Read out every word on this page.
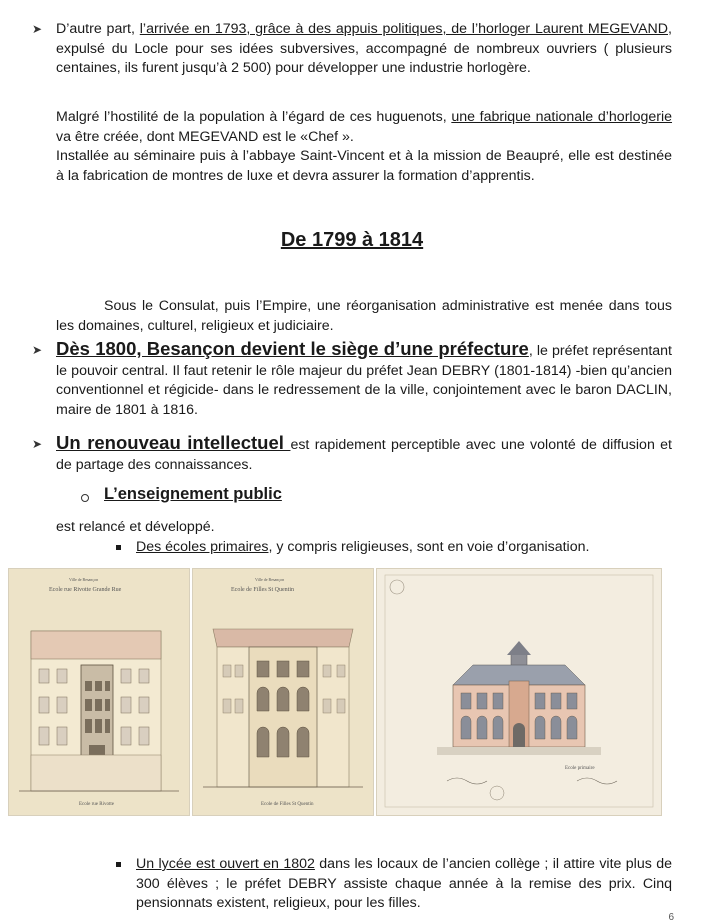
➤ D’autre part, l’arrivée en 1793, grâce à des appuis politiques, de l’horloger Laurent MEGEVAND, expulsé du Locle pour ses idées subversives, accompagné de nombreux ouvriers ( plusieurs centaines, ils furent jusqu’à 2 500) pour développer une industrie horlogère.
Malgré l’hostilité de la population à l’égard de ces huguenots, une fabrique nationale d’horlogerie va être créée, dont MEGEVAND est le «Chef ».
Installée au séminaire puis à l’abbaye Saint-Vincent et à la mission de Beaupré, elle est destinée à la fabrication de montres de luxe et devra assurer la formation d’apprentis.
De 1799 à 1814
Sous le Consulat, puis l’Empire, une réorganisation administrative est menée dans tous les domaines, culturel, religieux et judiciaire.
➤ Dès 1800, Besançon devient le siège d’une préfecture, le préfet représentant le pouvoir central. Il faut retenir le rôle majeur du préfet Jean DEBRY (1801-1814) -bien qu’ancien conventionnel et régicide- dans le redressement de la ville, conjointement avec le baron DACLIN, maire de 1801 à 1816.
➤ Un renouveau intellectuel est rapidement perceptible avec une volonté de diffusion et de partage des connaissances.
L’enseignement public
est relancé et développé.
Des écoles primaires, y compris religieuses, sont en voie d’organisation.
Ville de Besançon
Ecole rue Rivotte Grande Rue
Ecole rue Rivotte
Ville de Besançon
Ecole de Filles St Quentin
Ecole de Filles St Quentin
Ecole primaire
Un lycée est ouvert en 1802 dans les locaux de l’ancien collège ; il attire vite plus de 300 élèves ; le préfet DEBRY assiste chaque année à la remise des prix. Cinq pensionnats existent, religieux, pour les filles.
6
